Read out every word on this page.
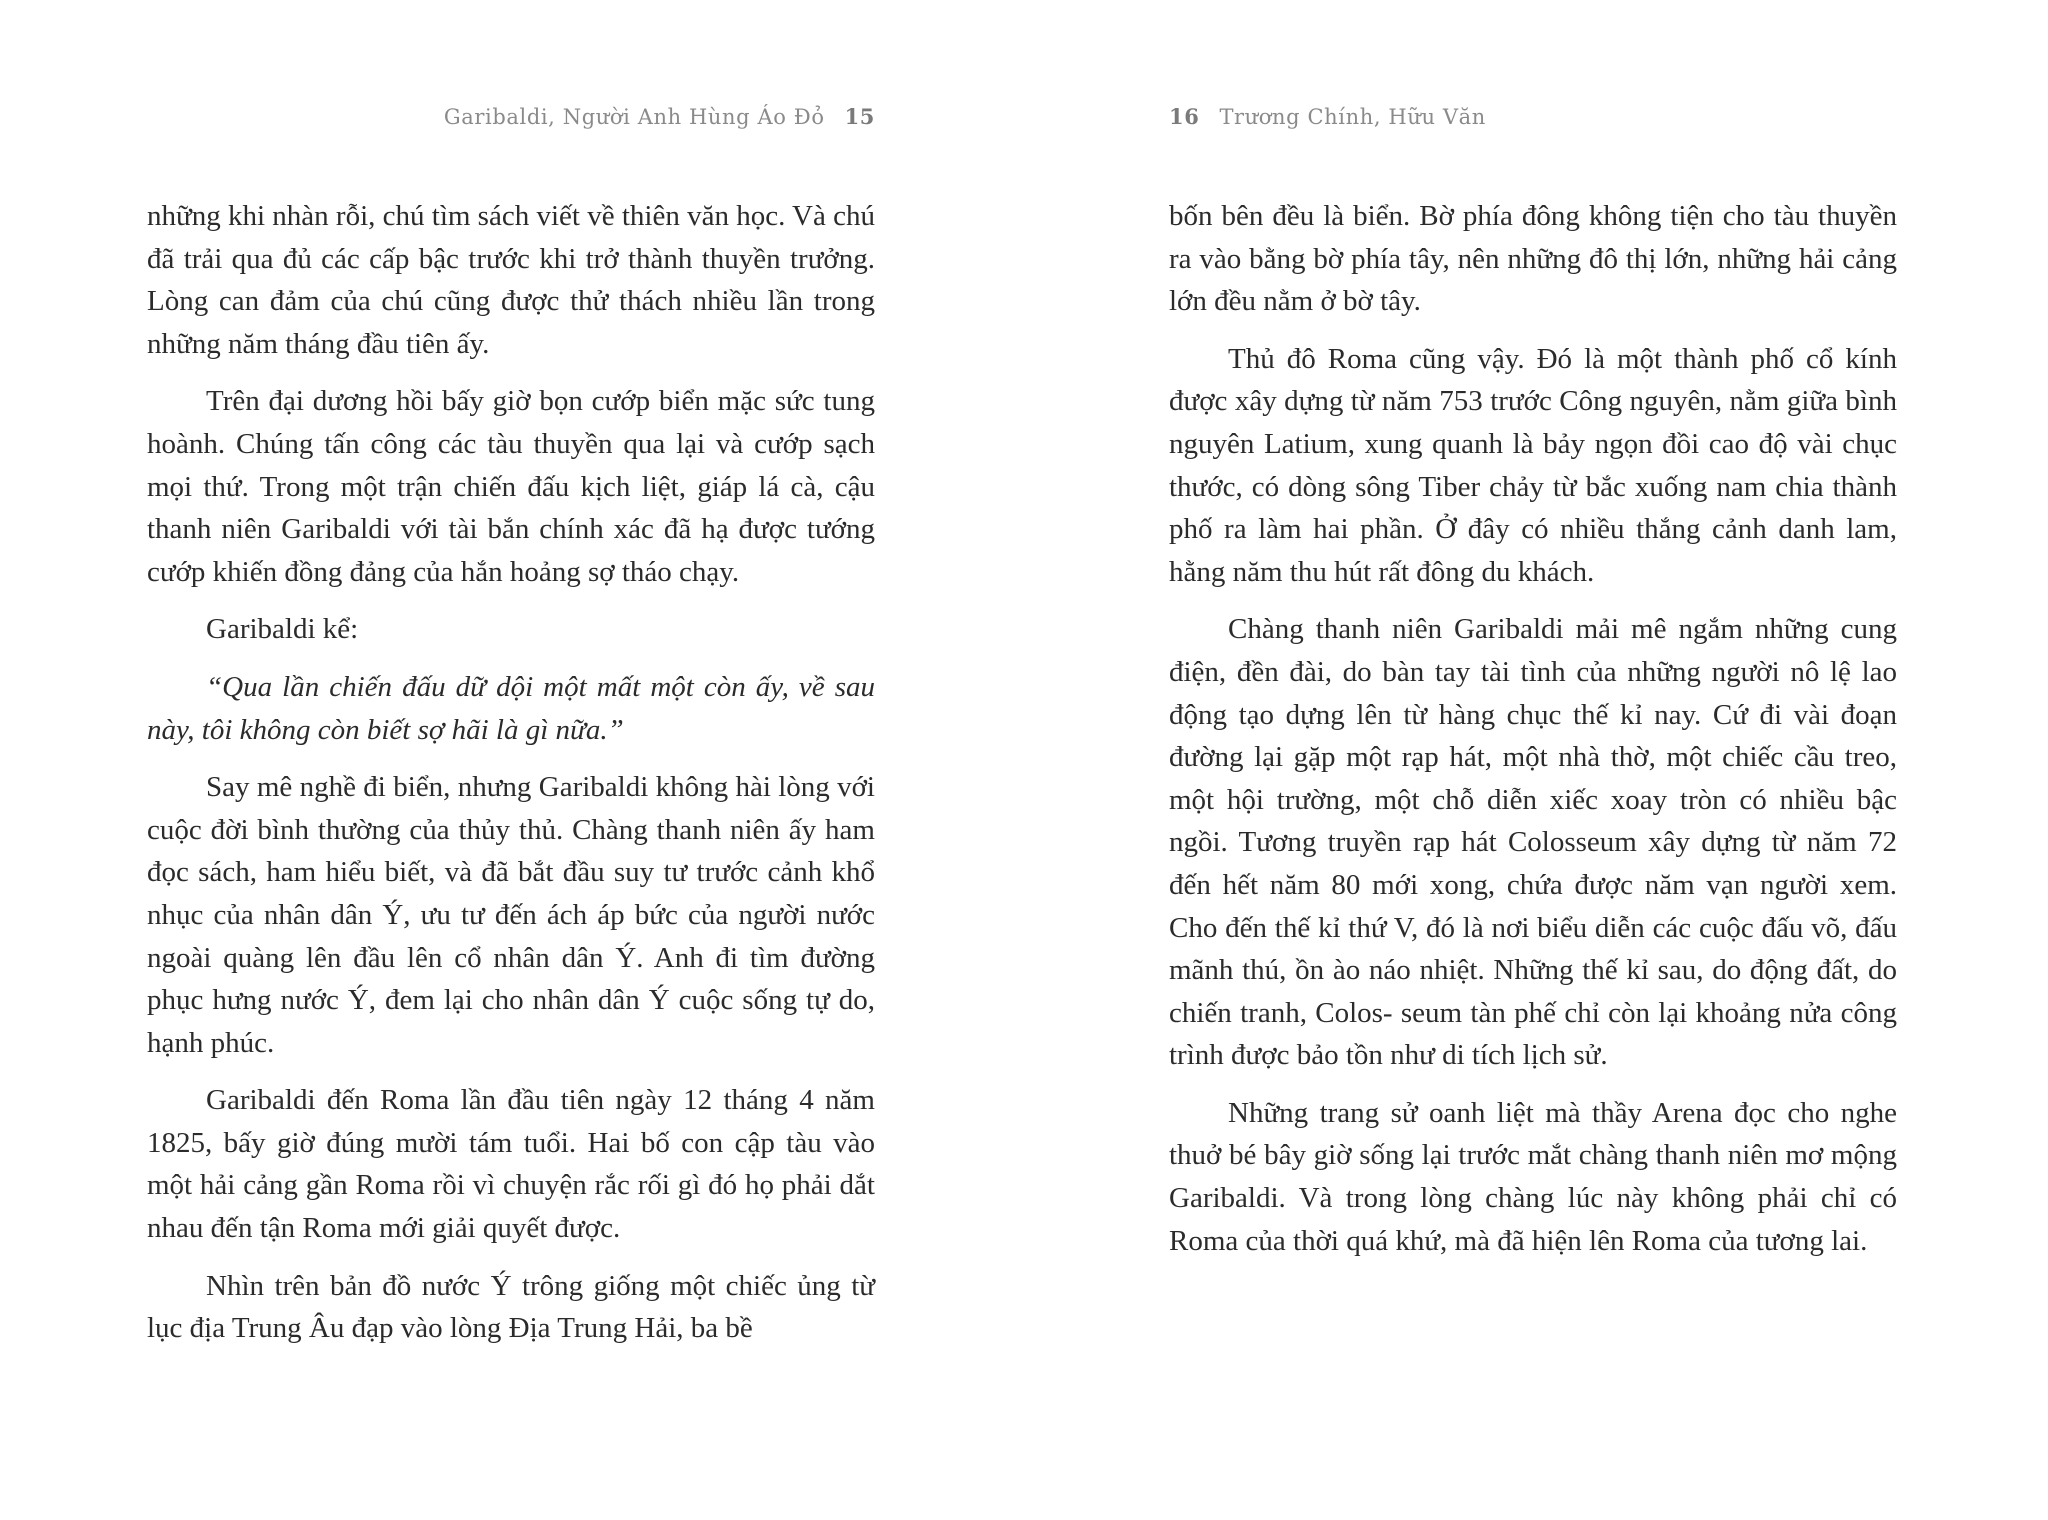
Garibaldi, Người Anh Hùng Áo Đỏ 15

những khi nhàn rỗi, chú tìm sách viết về thiên văn học. Và chú đã trải qua đủ các cấp bậc trước khi trở thành thuyền trưởng. Lòng can đảm của chú cũng được thử thách nhiều lần trong những năm tháng đầu tiên ấy.

Trên đại dương hồi bấy giờ bọn cướp biển mặc sức tung hoành. Chúng tấn công các tàu thuyền qua lại và cướp sạch mọi thứ. Trong một trận chiến đấu kịch liệt, giáp lá cà, cậu thanh niên Garibaldi với tài bắn chính xác đã hạ được tướng cướp khiến đồng đảng của hắn hoảng sợ tháo chạy.

Garibaldi kể:

“Qua lần chiến đấu dữ dội một mất một còn ấy, về sau này, tôi không còn biết sợ hãi là gì nữa.”

Say mê nghề đi biển, nhưng Garibaldi không hài lòng với cuộc đời bình thường của thủy thủ. Chàng thanh niên ấy ham đọc sách, ham hiểu biết, và đã bắt đầu suy tư trước cảnh khổ nhục của nhân dân Ý, ưu tư đến ách áp bức của người nước ngoài quàng lên đầu lên cổ nhân dân Ý. Anh đi tìm đường phục hưng nước Ý, đem lại cho nhân dân Ý cuộc sống tự do, hạnh phúc.

Garibaldi đến Roma lần đầu tiên ngày 12 tháng 4 năm 1825, bấy giờ đúng mười tám tuổi. Hai bố con cập tàu vào một hải cảng gần Roma rồi vì chuyện rắc rối gì đó họ phải dắt nhau đến tận Roma mới giải quyết được.

Nhìn trên bản đồ nước Ý trông giống một chiếc ủng từ lục địa Trung Âu đạp vào lòng Địa Trung Hải, ba bề

16 Trương Chính, Hữu Văn

bốn bên đều là biển. Bờ phía đông không tiện cho tàu thuyền ra vào bằng bờ phía tây, nên những đô thị lớn, những hải cảng lớn đều nằm ở bờ tây.

Thủ đô Roma cũng vậy. Đó là một thành phố cổ kính được xây dựng từ năm 753 trước Công nguyên, nằm giữa bình nguyên Latium, xung quanh là bảy ngọn đồi cao độ vài chục thước, có dòng sông Tiber chảy từ bắc xuống nam chia thành phố ra làm hai phần. Ở đây có nhiều thắng cảnh danh lam, hằng năm thu hút rất đông du khách.

Chàng thanh niên Garibaldi mải mê ngắm những cung điện, đền đài, do bàn tay tài tình của những người nô lệ lao động tạo dựng lên từ hàng chục thế kỉ nay. Cứ đi vài đoạn đường lại gặp một rạp hát, một nhà thờ, một chiếc cầu treo, một hội trường, một chỗ diễn xiếc xoay tròn có nhiều bậc ngồi. Tương truyền rạp hát Colosseum xây dựng từ năm 72 đến hết năm 80 mới xong, chứa được năm vạn người xem. Cho đến thế kỉ thứ V, đó là nơi biểu diễn các cuộc đấu võ, đấu mãnh thú, ồn ào náo nhiệt. Những thế kỉ sau, do động đất, do chiến tranh, Colos- seum tàn phế chỉ còn lại khoảng nửa công trình được bảo tồn như di tích lịch sử.

Những trang sử oanh liệt mà thầy Arena đọc cho nghe thuở bé bây giờ sống lại trước mắt chàng thanh niên mơ mộng Garibaldi. Và trong lòng chàng lúc này không phải chỉ có Roma của thời quá khứ, mà đã hiện lên Roma của tương lai.
